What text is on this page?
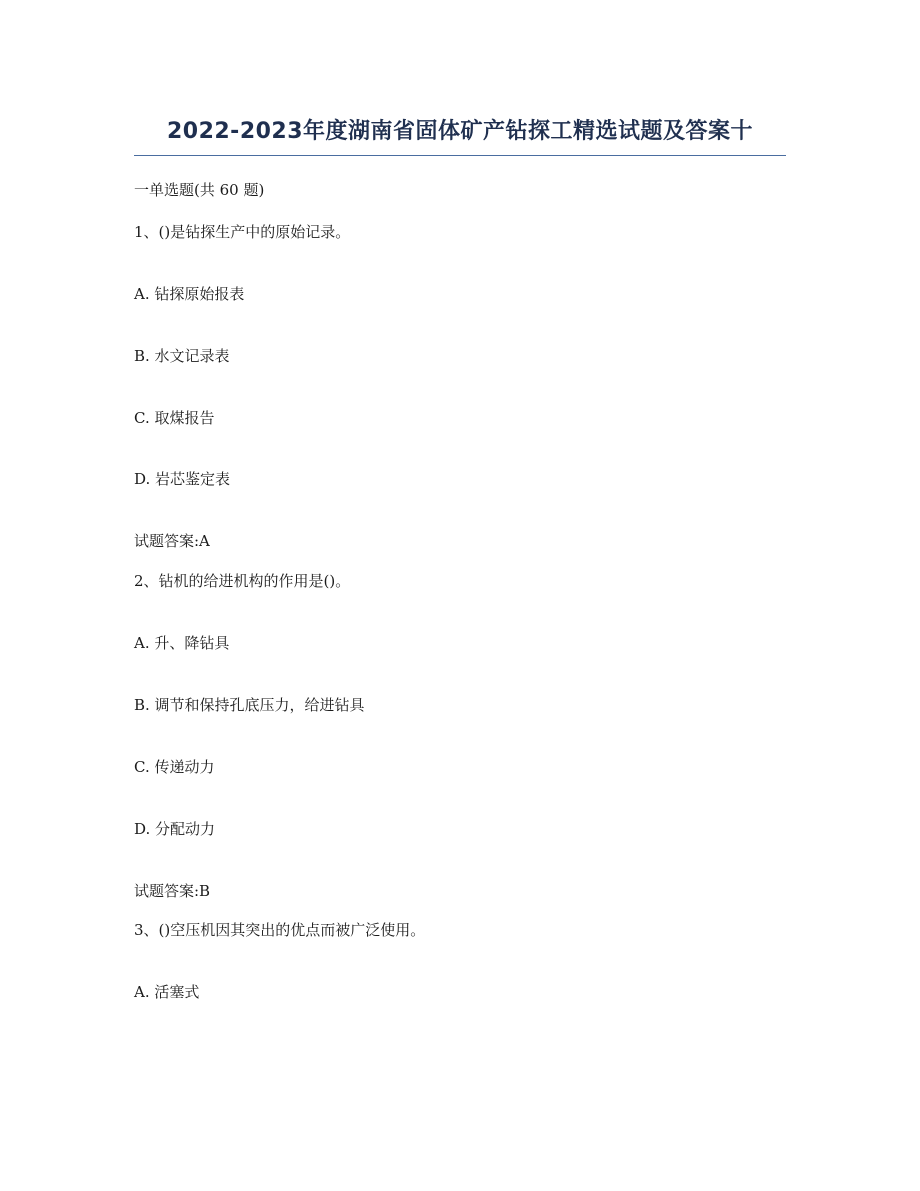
2022-2023年度湖南省固体矿产钻探工精选试题及答案十
一单选题(共 60 题)
1、()是钻探生产中的原始记录。
A. 钻探原始报表
B. 水文记录表
C. 取煤报告
D. 岩芯鉴定表
试题答案:A
2、钻机的给进机构的作用是()。
A. 升、降钻具
B. 调节和保持孔底压力，给进钻具
C. 传递动力
D. 分配动力
试题答案:B
3、()空压机因其突出的优点而被广泛使用。
A. 活塞式
